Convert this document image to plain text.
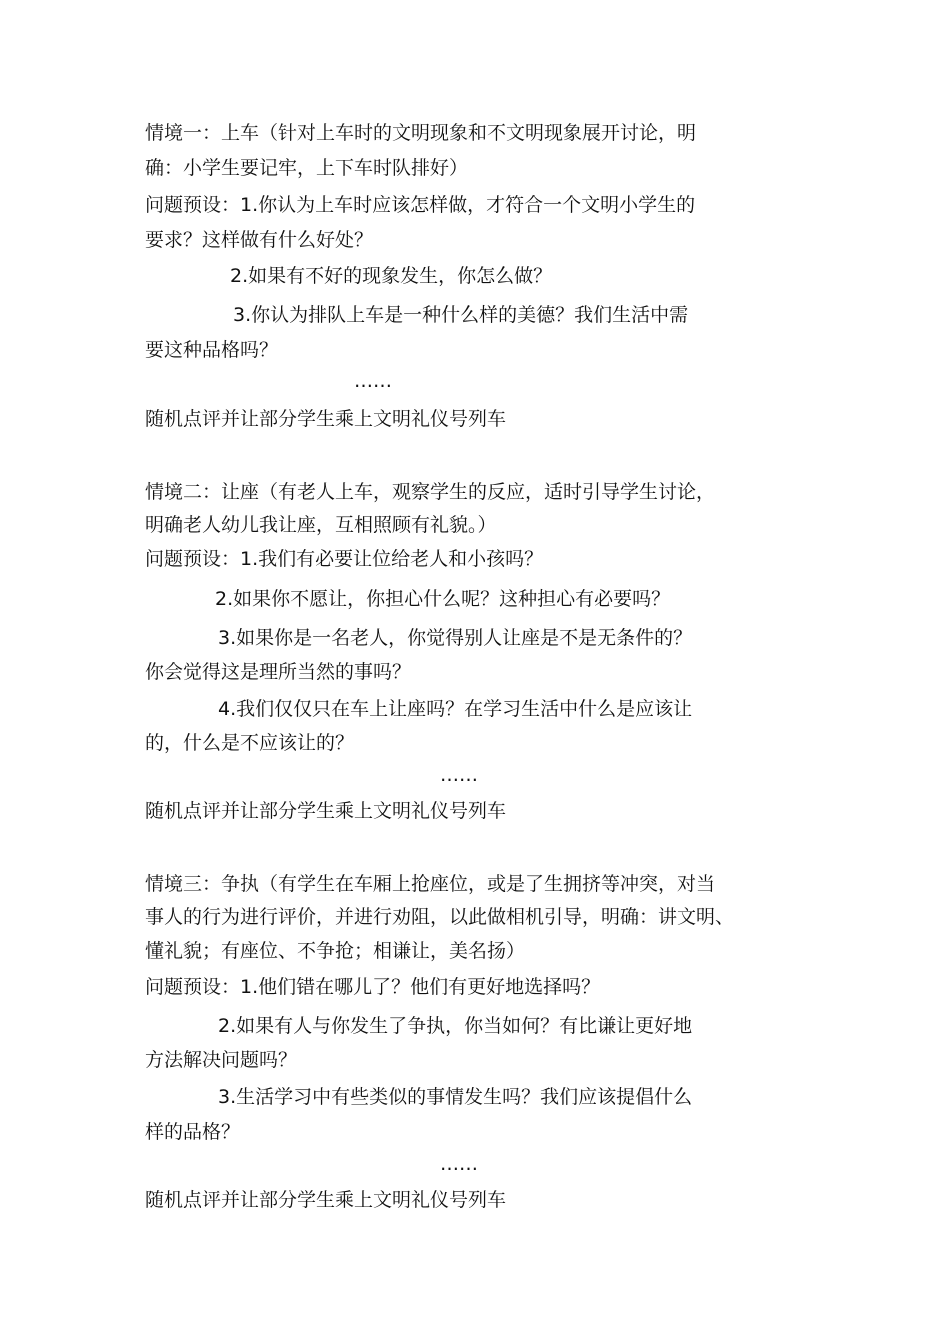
情境一：上车（针对上车时的文明现象和不文明现象展开讨论，明
确：小学生要记牢，上下车时队排好）
问题预设：1.你认为上车时应该怎样做，才符合一个文明小学生的
要求？这样做有什么好处？
2.如果有不好的现象发生，你怎么做？
3.你认为排队上车是一种什么样的美德？我们生活中需
要这种品格吗？
……
随机点评并让部分学生乘上文明礼仪号列车
情境二：让座（有老人上车，观察学生的反应，适时引导学生讨论，
明确老人幼儿我让座，互相照顾有礼貌。）
问题预设：1.我们有必要让位给老人和小孩吗？
2.如果你不愿让，你担心什么呢？这种担心有必要吗？
3.如果你是一名老人，你觉得别人让座是不是无条件的？
你会觉得这是理所当然的事吗？
4.我们仅仅只在车上让座吗？在学习生活中什么是应该让
的，什么是不应该让的？
……
随机点评并让部分学生乘上文明礼仪号列车
情境三：争执（有学生在车厢上抢座位，或是了生拥挤等冲突，对当
事人的行为进行评价，并进行劝阻，以此做相机引导，明确：讲文明、
懂礼貌；有座位、不争抢；相谦让，美名扬）
问题预设：1.他们错在哪儿了？他们有更好地选择吗？
2.如果有人与你发生了争执，你当如何？有比谦让更好地
方法解决问题吗？
3.生活学习中有些类似的事情发生吗？我们应该提倡什么
样的品格？
……
随机点评并让部分学生乘上文明礼仪号列车
